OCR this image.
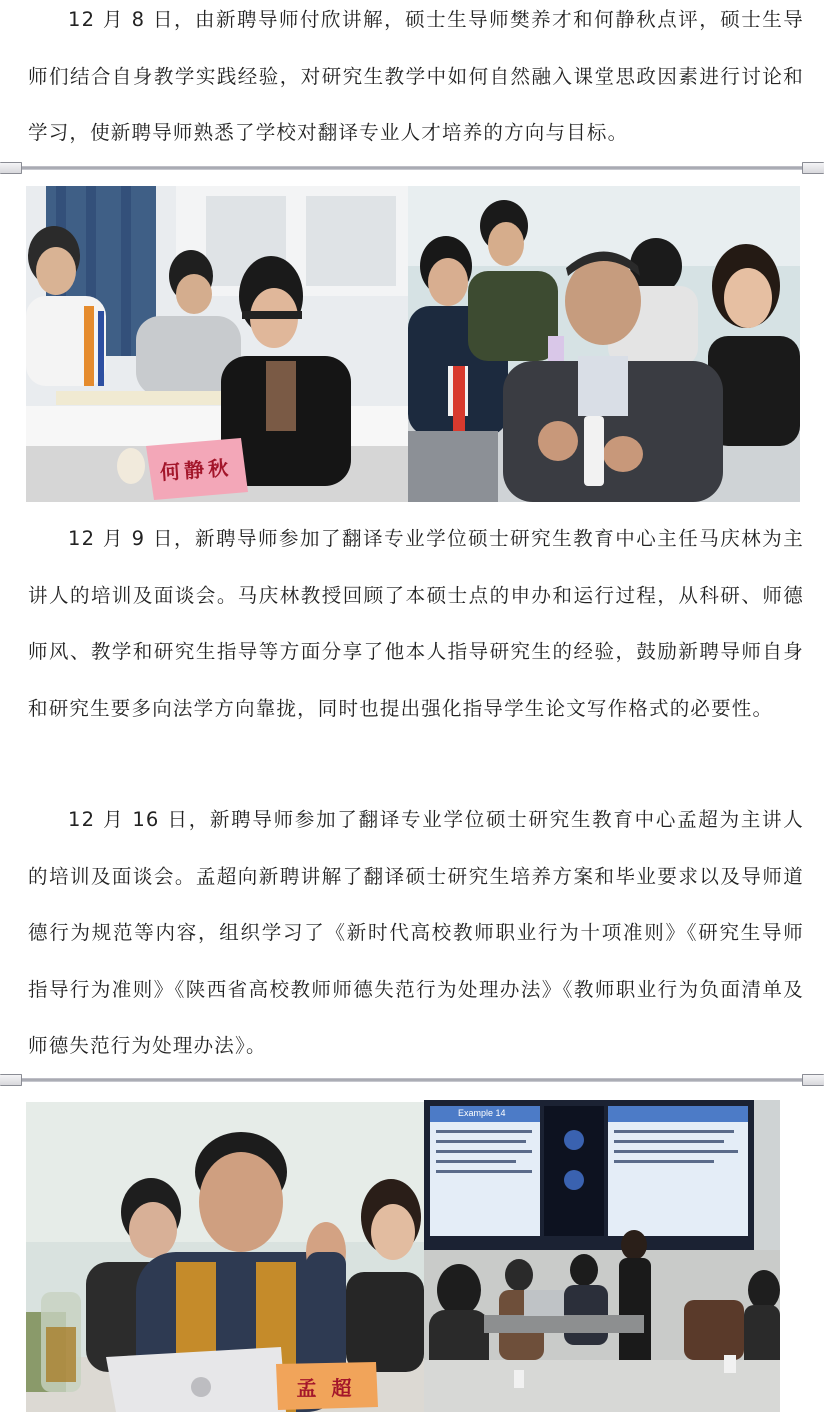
12 月 8 日，由新聘导师付欣讲解，硕士生导师樊养才和何静秋点评，硕士生导师们结合自身教学实践经验，对研究生教学中如何自然融入课堂思政因素进行讨论和学习，使新聘导师熟悉了学校对翻译专业人才培养的方向与目标。

何静秋

12 月 9 日，新聘导师参加了翻译专业学位硕士研究生教育中心主任马庆林为主讲人的培训及面谈会。马庆林教授回顾了本硕士点的申办和运行过程，从科研、师德师风、教学和研究生指导等方面分享了他本人指导研究生的经验，鼓励新聘导师自身和研究生要多向法学方向靠拢，同时也提出强化指导学生论文写作格式的必要性。

12 月 16 日，新聘导师参加了翻译专业学位硕士研究生教育中心孟超为主讲人的培训及面谈会。孟超向新聘讲解了翻译硕士研究生培养方案和毕业要求以及导师道德行为规范等内容，组织学习了《新时代高校教师职业行为十项准则》《研究生导师指导行为准则》《陕西省高校教师师德失范行为处理办法》《教师职业行为负面清单及师德失范行为处理办法》。

孟 超
Example 14
